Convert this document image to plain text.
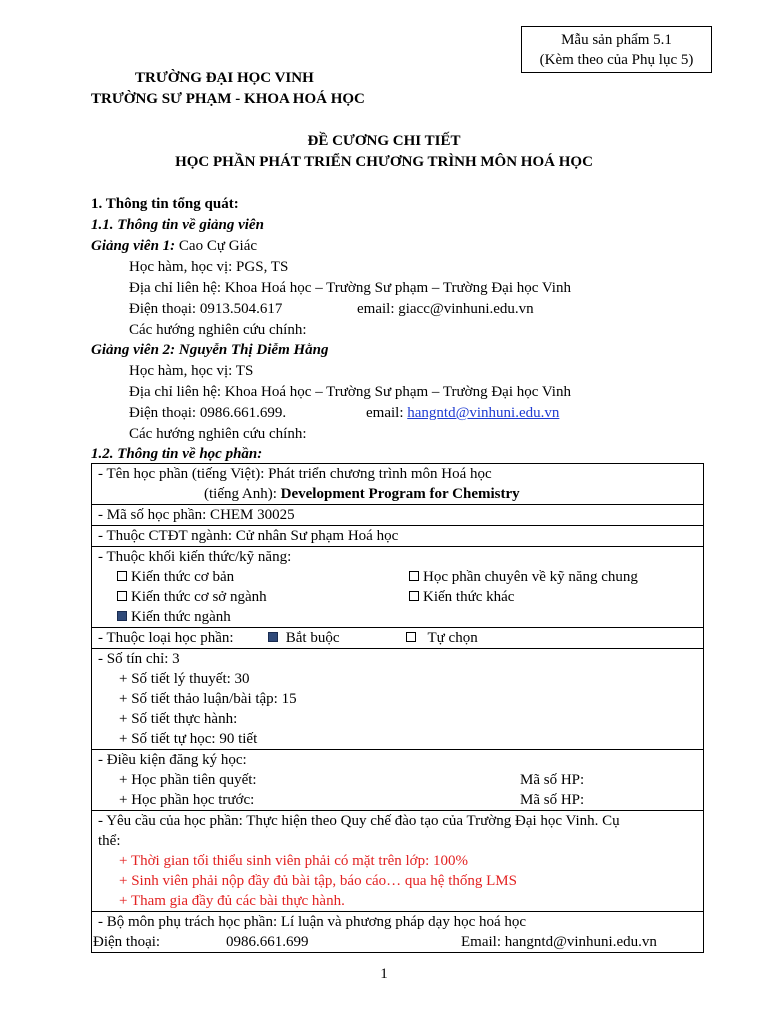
Mẫu sản phẩm 5.1
(Kèm theo của Phụ lục 5)
TRƯỜNG ĐẠI HỌC VINH
TRƯỜNG SƯ PHẠM - KHOA HOÁ HỌC
ĐỀ CƯƠNG CHI TIẾT
HỌC PHẦN PHÁT TRIỂN CHƯƠNG TRÌNH MÔN HOÁ HỌC
1. Thông tin tổng quát:
1.1. Thông tin về giảng viên
Giảng viên 1: Cao Cự Giác
Học hàm, học vị: PGS, TS
Địa chỉ liên hệ: Khoa Hoá học – Trường Sư phạm – Trường Đại học Vinh
Điện thoại: 0913.504.617	email: giacc@vinhuni.edu.vn
Các hướng nghiên cứu chính:
Giảng viên 2: Nguyễn Thị Diễm Hằng
Học hàm, học vị: TS
Địa chỉ liên hệ: Khoa Hoá học – Trường Sư phạm – Trường Đại học Vinh
Điện thoại: 0986.661.699.	email: hangntd@vinhuni.edu.vn
Các hướng nghiên cứu chính:
1.2. Thông tin về học phần:
- Tên học phần (tiếng Việt): Phát triển chương trình môn Hoá học
(tiếng Anh): Development Program for Chemistry

- Mã số học phần: CHEM 30025
- Thuộc CTĐT ngành: Cử nhân Sư phạm Hoá học

- Thuộc khối kiến thức/kỹ năng:
Kiến thức cơ bản	Học phần chuyên về kỹ năng chung
Kiến thức cơ sở ngành	Kiến thức khác
Kiến thức ngành

- Thuộc loại học phần:	Bắt buộc	Tự chọn

- Số tín chỉ: 3
+ Số tiết lý thuyết: 30
+ Số tiết thảo luận/bài tập: 15
+ Số tiết thực hành:
+ Số tiết tự học: 90 tiết

- Điều kiện đăng ký học:
+ Học phần tiên quyết:	Mã số HP:
+ Học phần học trước:	Mã số HP:

- Yêu cầu của học phần: Thực hiện theo Quy chế đào tạo của Trường Đại học Vinh. Cụ
thể:
+ Thời gian tối thiểu sinh viên phải có mặt trên lớp: 100%
+ Sinh viên phải nộp đầy đủ bài tập, báo cáo… qua hệ thống LMS
+ Tham gia đầy đủ các bài thực hành.

- Bộ môn phụ trách học phần: Lí luận và phương pháp dạy học hoá học
Điện thoại:	0986.661.699	Email: hangntd@vinhuni.edu.vn
1
